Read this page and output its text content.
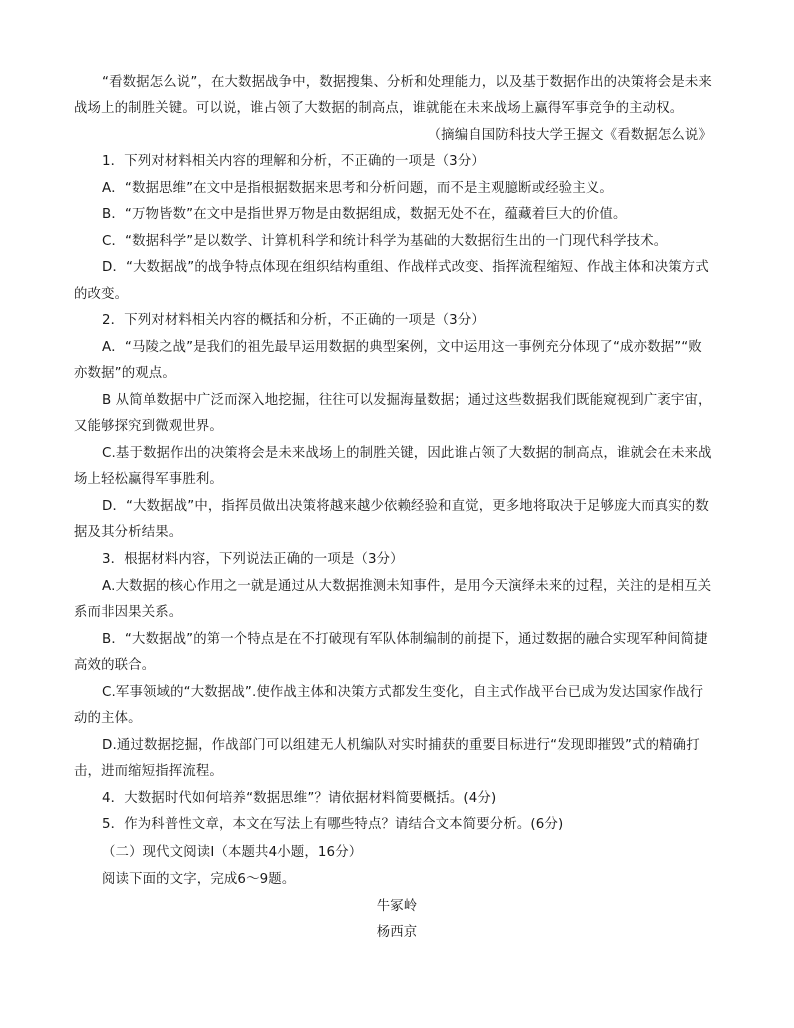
“看数据怎么说”，在大数据战争中，数据搜集、分析和处理能力，以及基于数据作出的决策将会是未来
战场上的制胜关键。可以说，谁占领了大数据的制高点，谁就能在未来战场上赢得军事竞争的主动权。
（摘编自国防科技大学王握文《看数据怎么说》
1．下列对材料相关内容的理解和分析，不正确的一项是（3分）
A．“数据思维”在文中是指根据数据来思考和分析问题，而不是主观臆断或经验主义。
B．“万物皆数”在文中是指世界万物是由数据组成，数据无处不在，蕴藏着巨大的价值。
C．“数据科学”是以数学、计算机科学和统计科学为基础的大数据衍生出的一门现代科学技术。
D．“大数据战”的战争特点体现在组织结构重组、作战样式改变、指挥流程缩短、作战主体和决策方式
的改变。
2．下列对材料相关内容的概括和分析，不正确的一项是（3分）
A．“马陵之战”是我们的祖先最早运用数据的典型案例，文中运用这一事例充分体现了“成亦数据”“败
亦数据”的观点。
B 从简单数据中广泛而深入地挖掘，往往可以发掘海量数据；通过这些数据我们既能窥视到广袤宇宙，
又能够探究到微观世界。
C.基于数据作出的决策将会是未来战场上的制胜关键，因此谁占领了大数据的制高点，谁就会在未来战
场上轻松赢得军事胜利。
D．“大数据战”中，指挥员做出决策将越来越少依赖经验和直觉，更多地将取决于足够庞大而真实的数
据及其分析结果。
3．根据材料内容，下列说法正确的一项是（3分）
A.大数据的核心作用之一就是通过从大数据推测未知事件，是用今天演绎未来的过程，关注的是相互关
系而非因果关系。
B．“大数据战”的第一个特点是在不打破现有军队体制编制的前提下，通过数据的融合实现军种间简捷
高效的联合。
C.军事领域的“大数据战”.使作战主体和决策方式都发生变化，自主式作战平台已成为发达国家作战行
动的主体。
D.通过数据挖掘，作战部门可以组建无人机编队对实时捕获的重要目标进行“发现即摧毁”式的精确打
击，进而缩短指挥流程。
4．大数据时代如何培养“数据思维”？请依据材料简要概括。(4分)
5．作为科普性文章，本文在写法上有哪些特点？请结合文本简要分析。(6分)
（二）现代文阅读I（本题共4小题，16分）
阅读下面的文字，完成6～9题。
牛冢岭
杨西京
